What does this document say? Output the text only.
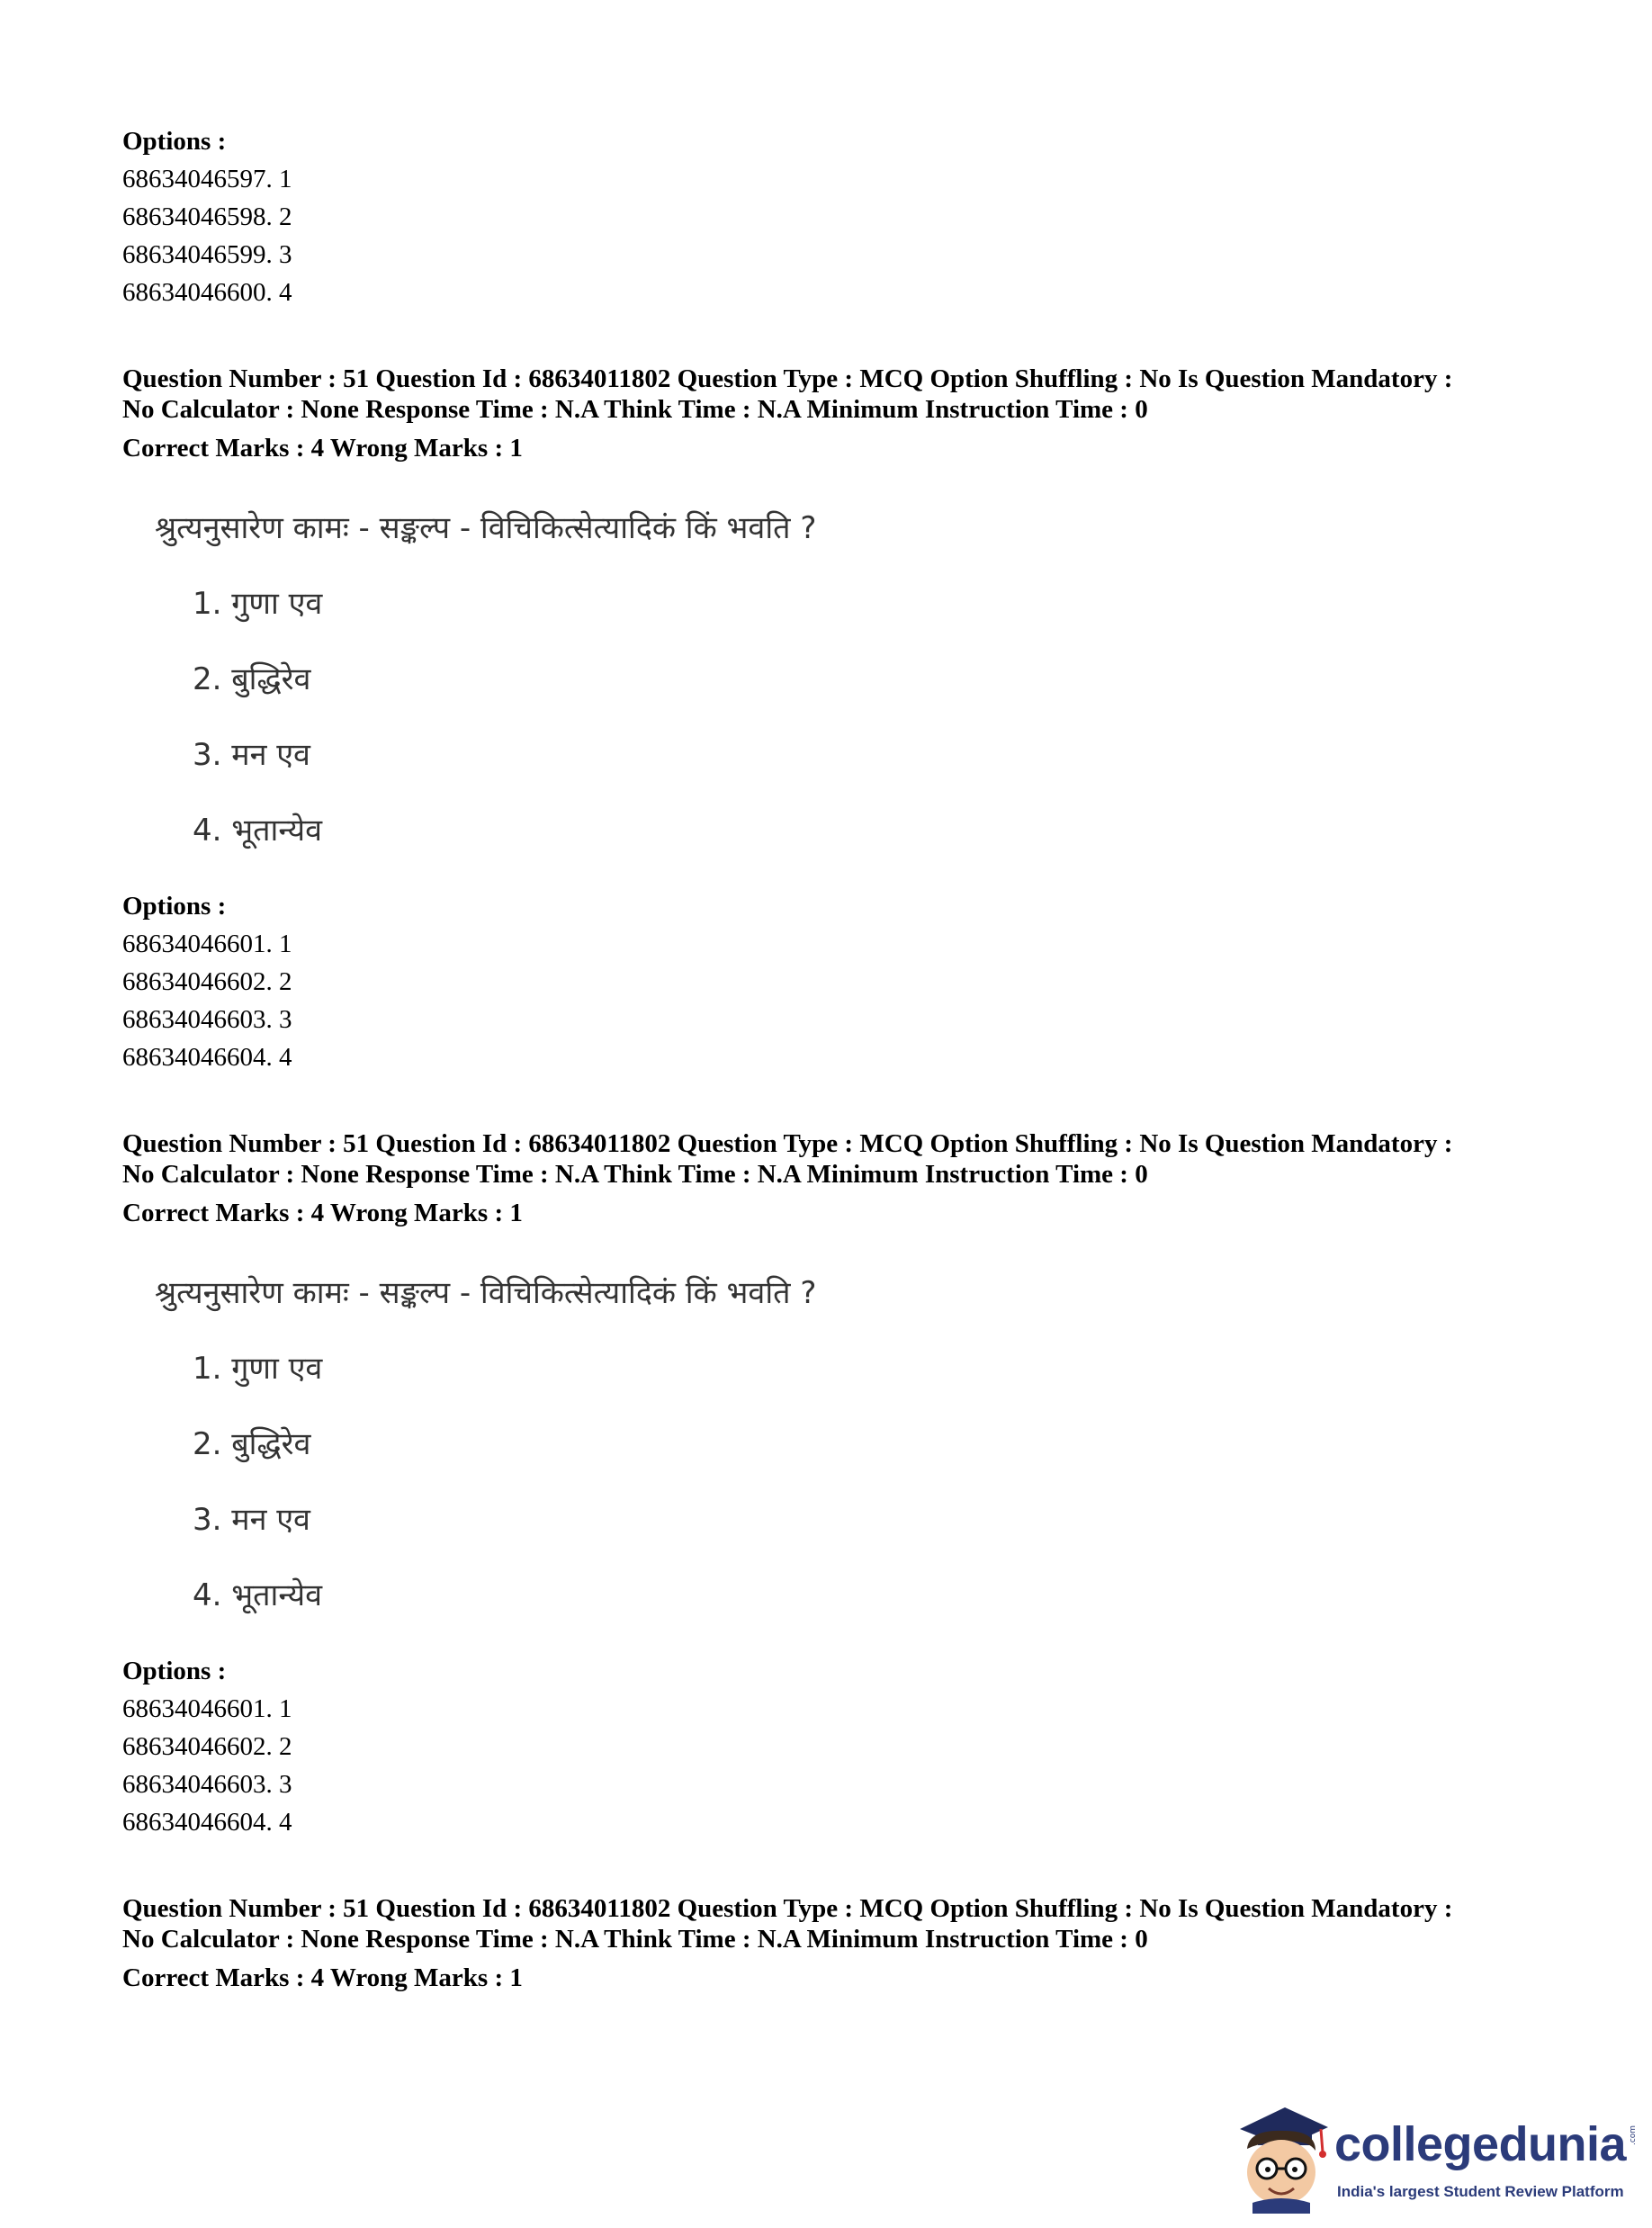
Options :
68634046597. 1
68634046598. 2
68634046599. 3
68634046600. 4
Question Number : 51 Question Id : 68634011802 Question Type : MCQ Option Shuffling : No Is Question Mandatory :
No Calculator : None Response Time : N.A Think Time : N.A Minimum Instruction Time : 0
Correct Marks : 4 Wrong Marks : 1
श्रुत्यनुसारेण कामः - सङ्कल्प - विचिकित्सेत्यादिकं किं भवति ?
1. गुणा एव
2. बुद्धिरेव
3. मन एव
4. भूतान्येव
Options :
68634046601. 1
68634046602. 2
68634046603. 3
68634046604. 4
Question Number : 51 Question Id : 68634011802 Question Type : MCQ Option Shuffling : No Is Question Mandatory :
No Calculator : None Response Time : N.A Think Time : N.A Minimum Instruction Time : 0
Correct Marks : 4 Wrong Marks : 1
श्रुत्यनुसारेण कामः - सङ्कल्प - विचिकित्सेत्यादिकं किं भवति ?
1. गुणा एव
2. बुद्धिरेव
3. मन एव
4. भूतान्येव
Options :
68634046601. 1
68634046602. 2
68634046603. 3
68634046604. 4
Question Number : 51 Question Id : 68634011802 Question Type : MCQ Option Shuffling : No Is Question Mandatory :
No Calculator : None Response Time : N.A Think Time : N.A Minimum Instruction Time : 0
Correct Marks : 4 Wrong Marks : 1
collegedunia .com
India's largest Student Review Platform
